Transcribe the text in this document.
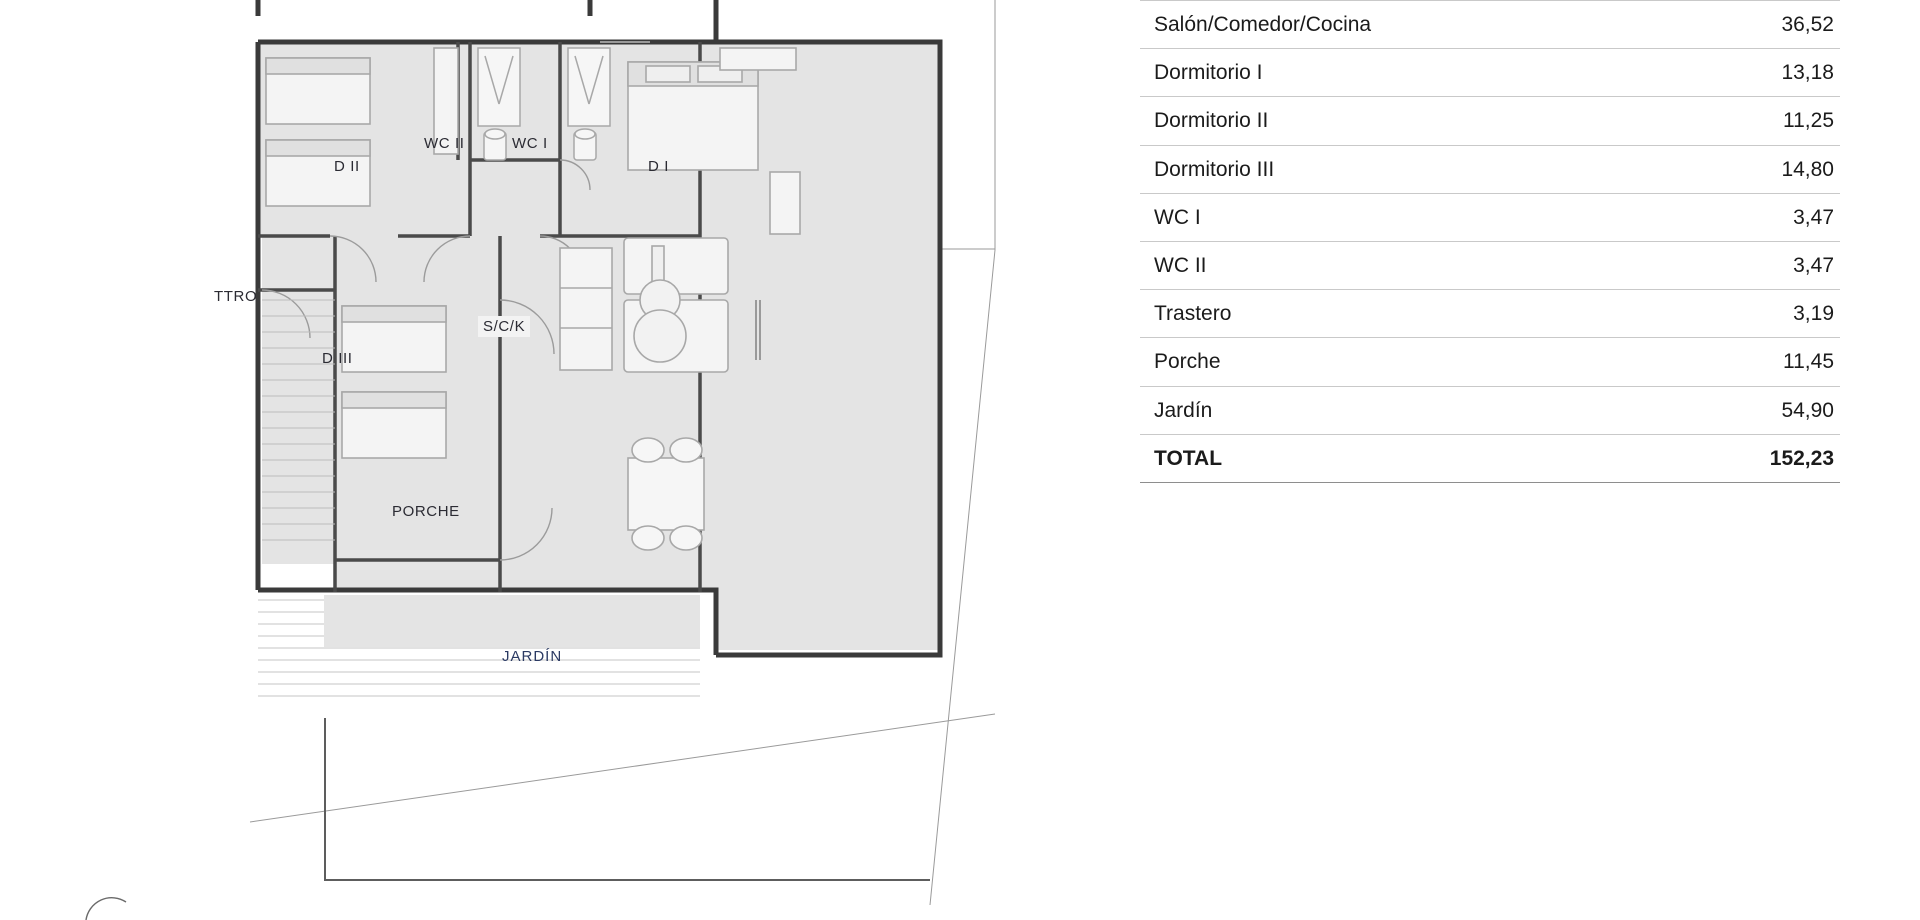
D II
WC II	WC I
D I
TTRO
D III
S/C/K
PORCHE
JARDÍN
Salón/Comedor/Cocina	36,52
Dormitorio I	13,18
Dormitorio II	11,25
Dormitorio III	14,80
WC I	3,47
WC II	3,47
Trastero	3,19
Porche	11,45
Jardín	54,90
TOTAL	152,23
